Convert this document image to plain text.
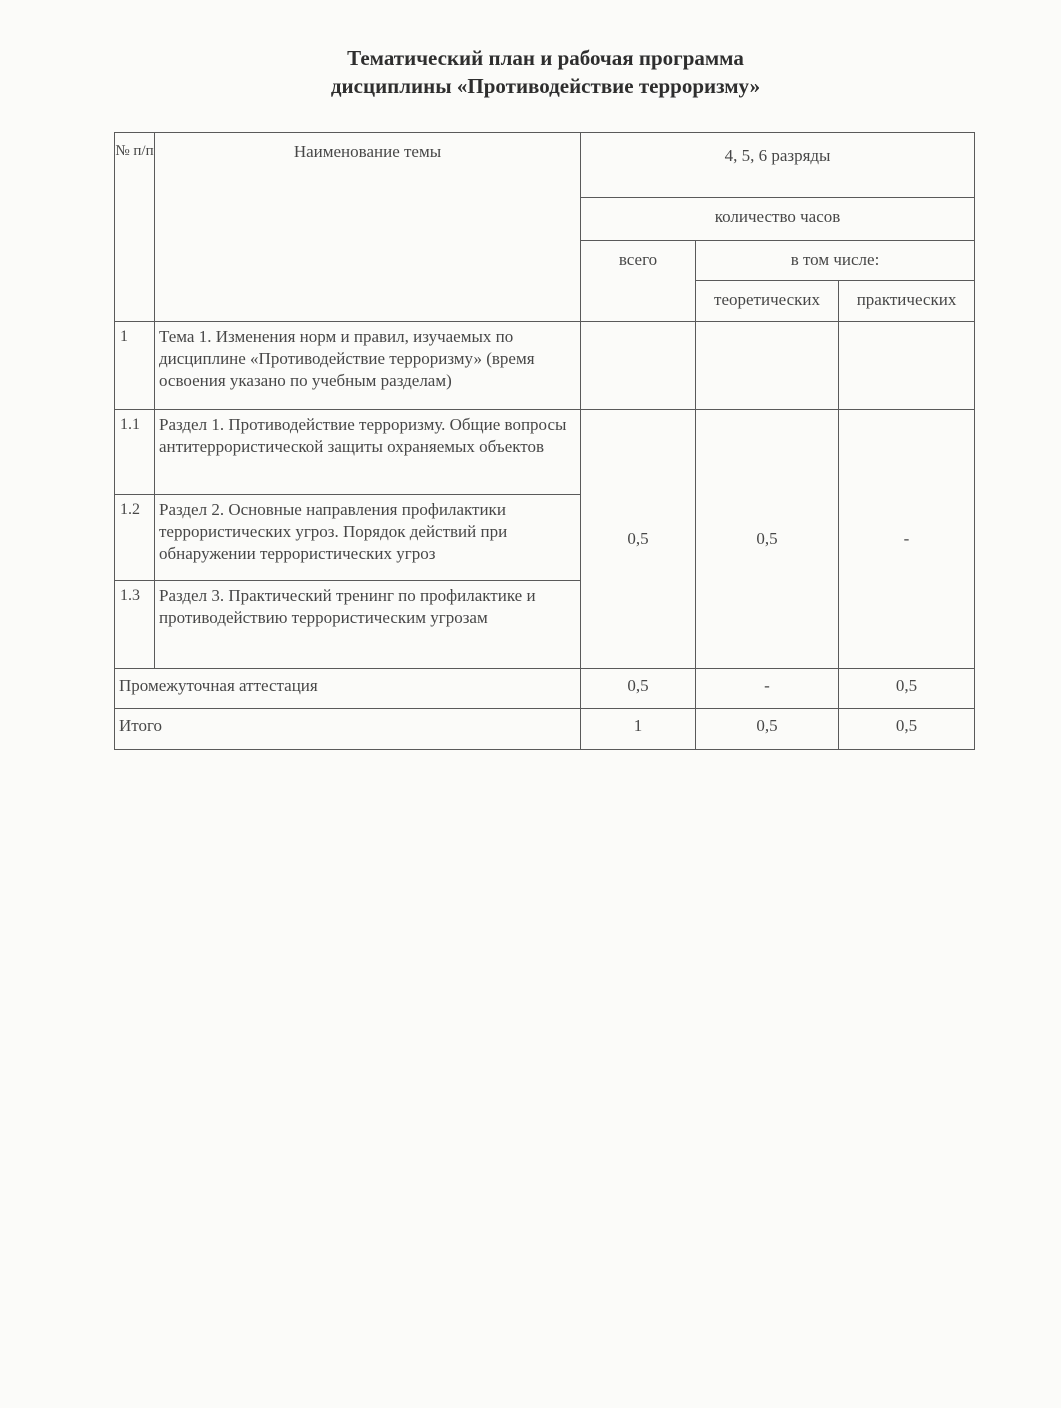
Тематический план и рабочая программа
дисциплины «Противодействие терроризму»
№ п/п	Наименование темы	4, 5, 6 разряды		
		количество часов		
		всего	в том числе:	
			теоретических	практических
1	Тема 1. Изменения норм и правил, изучаемых по дисциплине «Противодействие терроризму» (время освоения указано по учебным разделам)			
1.1	Раздел 1. Противодействие терроризму. Общие вопросы антитеррористической защиты охраняемых объектов	0,5	0,5	-
1.2	Раздел 2. Основные направления профилактики террористических угроз. Порядок действий при обнаружении террористических угроз			
1.3	Раздел 3. Практический тренинг по профилактике и противодействию террористическим угрозам			
Промежуточная аттестация		0,5	-	0,5
Итого		1	0,5	0,5
